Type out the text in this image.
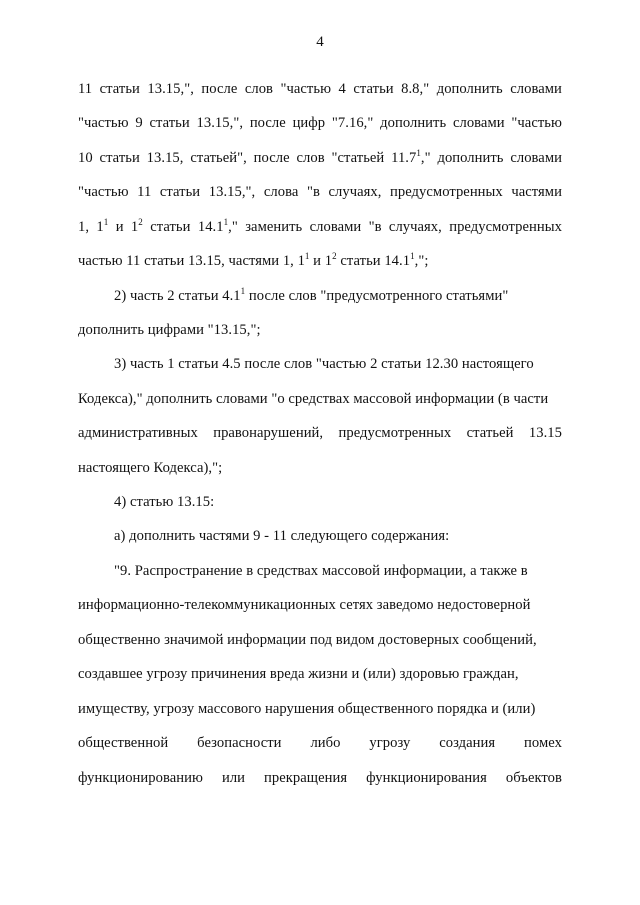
4
11 статьи 13.15,", после слов "частью 4 статьи 8.8," дополнить словами
"частью 9 статьи 13.15,", после цифр "7.16," дополнить словами "частью
10 статьи 13.15, статьей", после слов "статьей 11.7$^1$," дополнить словами
"частью 11 статьи 13.15,", слова "в случаях, предусмотренных частями
1, $1^1$ и $1^2$ статьи 14.1$^1$," заменить словами "в случаях, предусмотренных
частью 11 статьи 13.15, частями 1, $1^1$ и $1^2$ статьи 14.1$^1$,";
2) часть 2 статьи $4.1^1$ после слов "предусмотренного статьями"
дополнить цифрами "13.15,";
3) часть 1 статьи 4.5 после слов "частью 2 статьи 12.30 настоящего
Кодекса)," дополнить словами "о средствах массовой информации (в части
административных правонарушений, предусмотренных статьей 13.15
настоящего Кодекса),";
4) статью 13.15:
а) дополнить частями 9 - 11 следующего содержания:
"9. Распространение в средствах массовой информации, а также в
информационно-телекоммуникационных сетях заведомо недостоверной
общественно значимой информации под видом достоверных сообщений,
создавшее угрозу причинения вреда жизни и (или) здоровью граждан,
имуществу, угрозу массового нарушения общественного порядка и (или)
общественной безопасности либо угрозу создания помех
функционированию или прекращения функционирования объектов
